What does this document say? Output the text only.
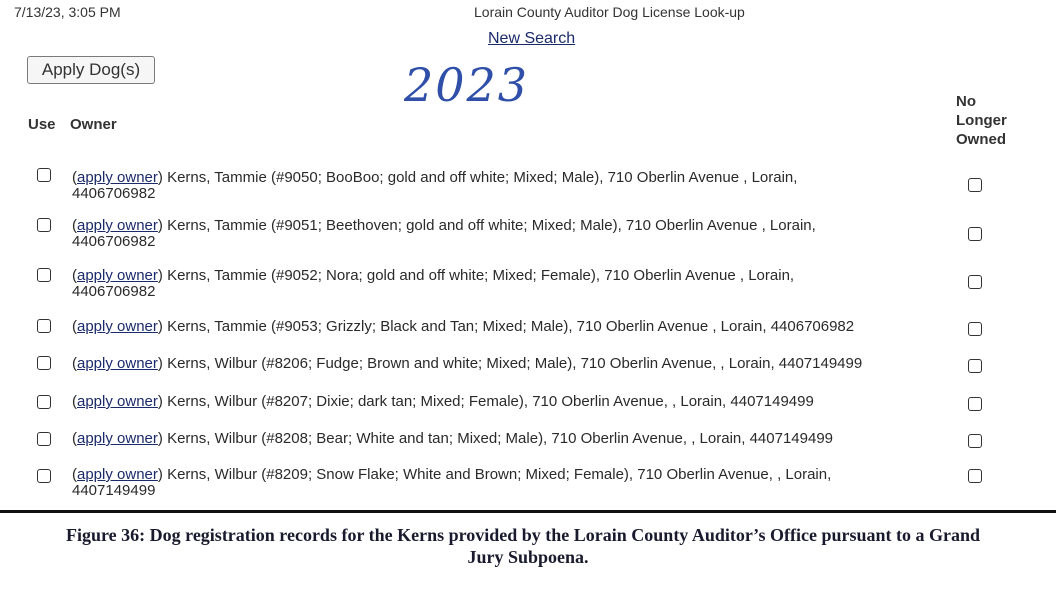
7/13/23, 3:05 PM	Lorain County Auditor Dog License Look-up
New Search
Apply Dog(s)	2023
Use Owner
No
Longer
Owned
(apply owner) Kerns, Tammie (#9050; BooBoo; gold and off white; Mixed; Male), 710 Oberlin Avenue , Lorain,
4406706982
(apply owner) Kerns, Tammie (#9051; Beethoven; gold and off white; Mixed; Male), 710 Oberlin Avenue , Lorain,
4406706982
(apply owner) Kerns, Tammie (#9052; Nora; gold and off white; Mixed; Female), 710 Oberlin Avenue , Lorain,
4406706982
(apply owner) Kerns, Tammie (#9053; Grizzly; Black and Tan; Mixed; Male), 710 Oberlin Avenue , Lorain, 4406706982
(apply owner) Kerns, Wilbur (#8206; Fudge; Brown and white; Mixed; Male), 710 Oberlin Avenue, , Lorain, 4407149499
(apply owner) Kerns, Wilbur (#8207; Dixie; dark tan; Mixed; Female), 710 Oberlin Avenue, , Lorain, 4407149499
(apply owner) Kerns, Wilbur (#8208; Bear; White and tan; Mixed; Male), 710 Oberlin Avenue, , Lorain, 4407149499
(apply owner) Kerns, Wilbur (#8209; Snow Flake; White and Brown; Mixed; Female), 710 Oberlin Avenue, , Lorain,
4407149499
Figure 36: Dog registration records for the Kerns provided by the Lorain County Auditor’s Office pursuant to a Grand
Jury Subpoena.
